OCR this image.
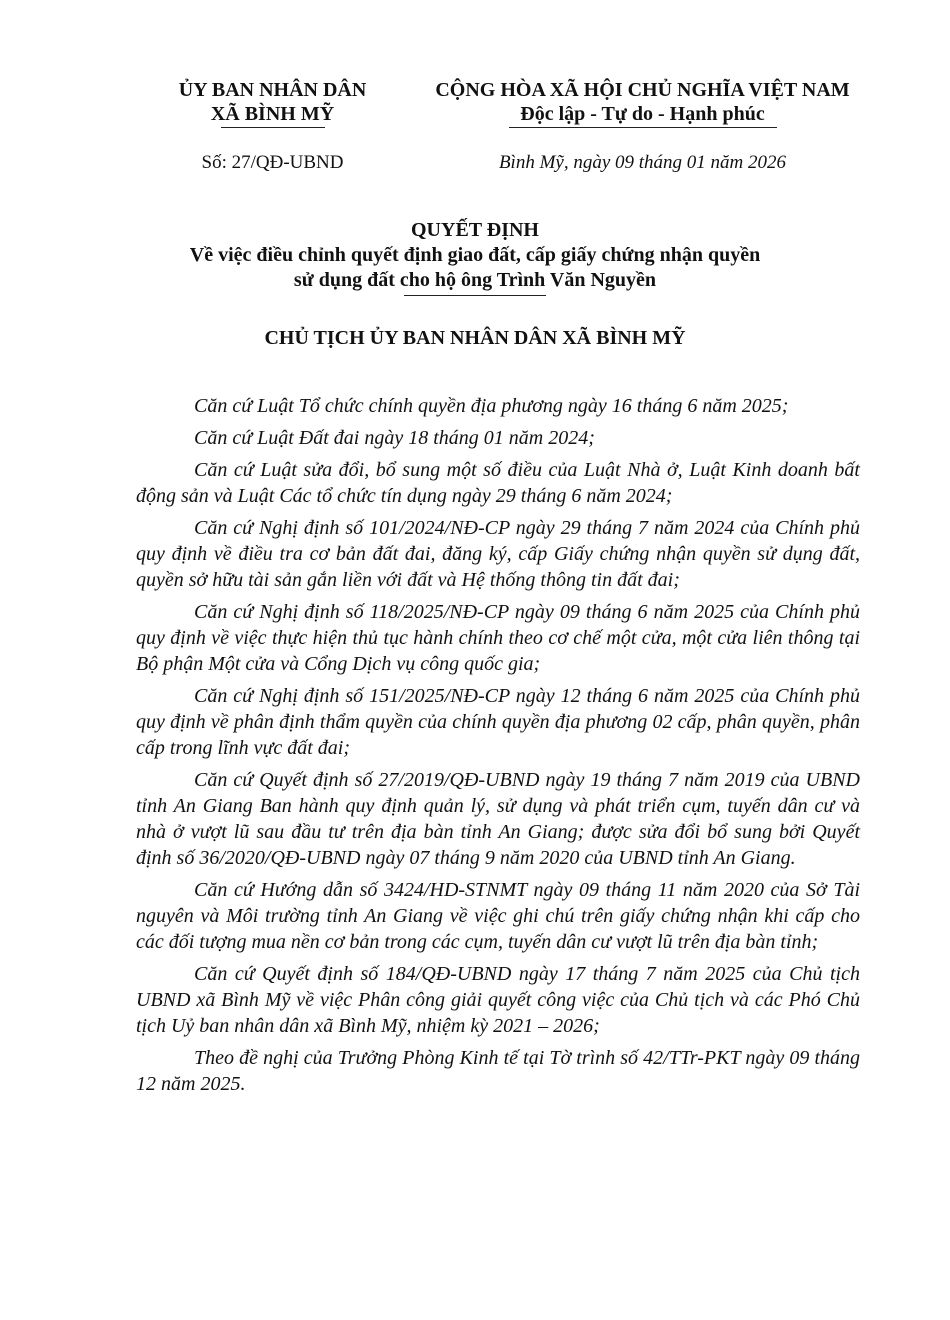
ỦY BAN NHÂN DÂN
XÃ BÌNH MỸ
CỘNG HÒA XÃ HỘI CHỦ NGHĨA VIỆT NAM
Độc lập - Tự do - Hạnh phúc
Số: 27/QĐ-UBND	Bình Mỹ, ngày 09 tháng 01 năm 2026
QUYẾT ĐỊNH
Về việc điều chỉnh quyết định giao đất, cấp giấy chứng nhận quyền
sử dụng đất cho hộ ông Trình Văn Nguyền
CHỦ TỊCH ỦY BAN NHÂN DÂN XÃ BÌNH MỸ

Căn cứ Luật Tổ chức chính quyền địa phương ngày 16 tháng 6 năm 2025;

Căn cứ Luật Đất đai ngày 18 tháng 01 năm 2024;

Căn cứ Luật sửa đổi, bổ sung một số điều của Luật Nhà ở, Luật Kinh doanh bất động sản và Luật Các tổ chức tín dụng ngày 29 tháng 6 năm 2024;

Căn cứ Nghị định số 101/2024/NĐ-CP ngày 29 tháng 7 năm 2024 của Chính phủ quy định về điều tra cơ bản đất đai, đăng ký, cấp Giấy chứng nhận quyền sử dụng đất, quyền sở hữu tài sản gắn liền với đất và Hệ thống thông tin đất đai;

Căn cứ Nghị định số 118/2025/NĐ-CP ngày 09 tháng 6 năm 2025 của Chính phủ quy định về việc thực hiện thủ tục hành chính theo cơ chế một cửa, một cửa liên thông tại Bộ phận Một cửa và Cổng Dịch vụ công quốc gia;

Căn cứ Nghị định số 151/2025/NĐ-CP ngày 12 tháng 6 năm 2025 của Chính phủ quy định về phân định thẩm quyền của chính quyền địa phương 02 cấp, phân quyền, phân cấp trong lĩnh vực đất đai;

Căn cứ Quyết định số 27/2019/QĐ-UBND ngày 19 tháng 7 năm 2019 của UBND tỉnh An Giang Ban hành quy định quản lý, sử dụng và phát triển cụm, tuyến dân cư và nhà ở vượt lũ sau đầu tư trên địa bàn tỉnh An Giang; được sửa đổi bổ sung bởi Quyết định số 36/2020/QĐ-UBND ngày 07 tháng 9 năm 2020 của UBND tỉnh An Giang.

Căn cứ Hướng dẫn số 3424/HD-STNMT ngày 09 tháng 11 năm 2020 của Sở Tài nguyên và Môi trường tỉnh An Giang về việc ghi chú trên giấy chứng nhận khi cấp cho các đối tượng mua nền cơ bản trong các cụm, tuyến dân cư vượt lũ trên địa bàn tỉnh;

Căn cứ Quyết định số 184/QĐ-UBND ngày 17 tháng 7 năm 2025 của Chủ tịch UBND xã Bình Mỹ về việc Phân công giải quyết công việc của Chủ tịch và các Phó Chủ tịch Uỷ ban nhân dân xã Bình Mỹ, nhiệm kỳ 2021 – 2026;

Theo đề nghị của Trưởng Phòng Kinh tế tại Tờ trình số 42/TTr-PKT ngày 09 tháng 12 năm 2025.
